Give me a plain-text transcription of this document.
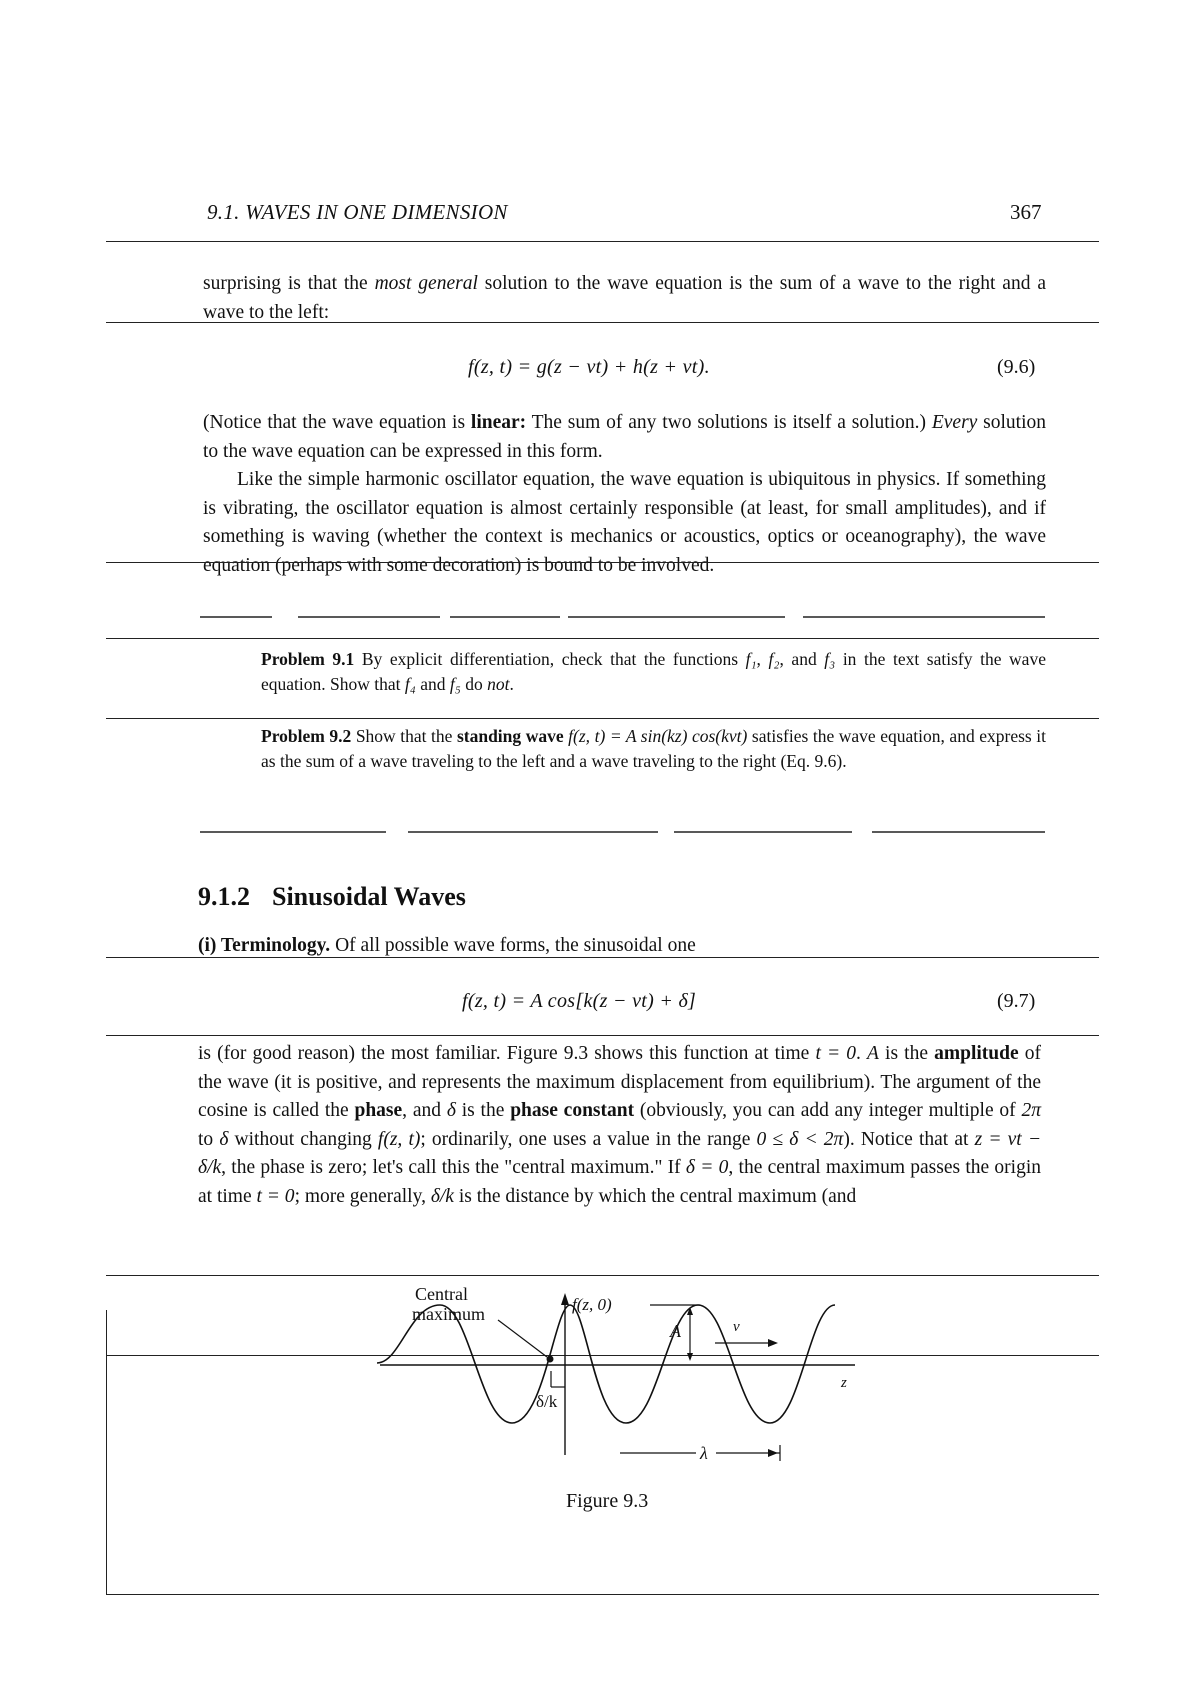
9.1. WAVES IN ONE DIMENSION	367

surprising is that the most general solution to the wave equation is the sum of a wave to the right and a wave to the left:

f(z, t) = g(z − vt) + h(z + vt).	(9.6)

(Notice that the wave equation is linear: The sum of any two solutions is itself a solution.) Every solution to the wave equation can be expressed in this form.

Like the simple harmonic oscillator equation, the wave equation is ubiquitous in physics. If something is vibrating, the oscillator equation is almost certainly responsible (at least, for small amplitudes), and if something is waving (whether the context is mechanics or acoustics, optics or oceanography), the wave equation (perhaps with some decoration) is bound to be involved.

Problem 9.1 By explicit differentiation, check that the functions f₁, f₂, and f₃ in the text satisfy the wave equation. Show that f₄ and f₅ do not.
Problem 9.2 Show that the standing wave f(z, t) = A sin(kz) cos(kvt) satisfies the wave equation, and express it as the sum of a wave traveling to the left and a wave traveling to the right (Eq. 9.6).
9.1.2 Sinusoidal Waves

(i) Terminology. Of all possible wave forms, the sinusoidal one

f(z, t) = A cos[k(z − vt) + δ]	(9.7)

is (for good reason) the most familiar. Figure 9.3 shows this function at time t = 0. A is the amplitude of the wave (it is positive, and represents the maximum displacement from equilibrium). The argument of the cosine is called the phase, and δ is the phase constant (obviously, you can add any integer multiple of 2π to δ without changing f(z, t); ordinarily, one uses a value in the range 0 ≤ δ < 2π). Notice that at z = vt − δ/k, the phase is zero; let's call this the "central maximum." If δ = 0, the central maximum passes the origin at time t = 0; more generally, δ/k is the distance by which the central maximum (and

Central
maximum	f(z, 0)
z
A	v
δ/k
λ
Figure 9.3
